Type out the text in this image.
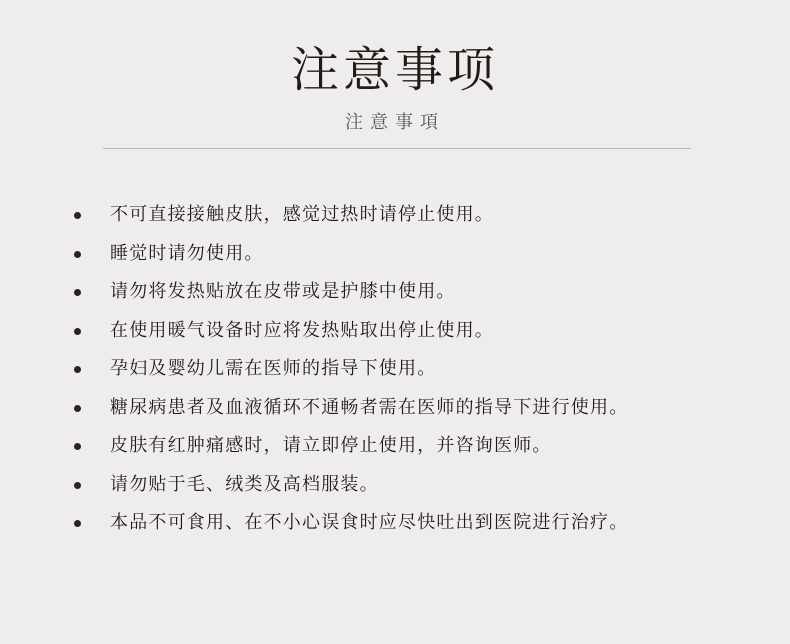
注意事项
注意事項
不可直接接触皮肤，感觉过热时请停止使用。
睡觉时请勿使用。
请勿将发热贴放在皮带或是护膝中使用。
在使用暖气设备时应将发热贴取出停止使用。
孕妇及婴幼儿需在医师的指导下使用。
糖尿病患者及血液循环不通畅者需在医师的指导下进行使用。
皮肤有红肿痛感时，请立即停止使用，并咨询医师。
请勿贴于毛、绒类及高档服装。
本品不可食用、在不小心误食时应尽快吐出到医院进行治疗。
